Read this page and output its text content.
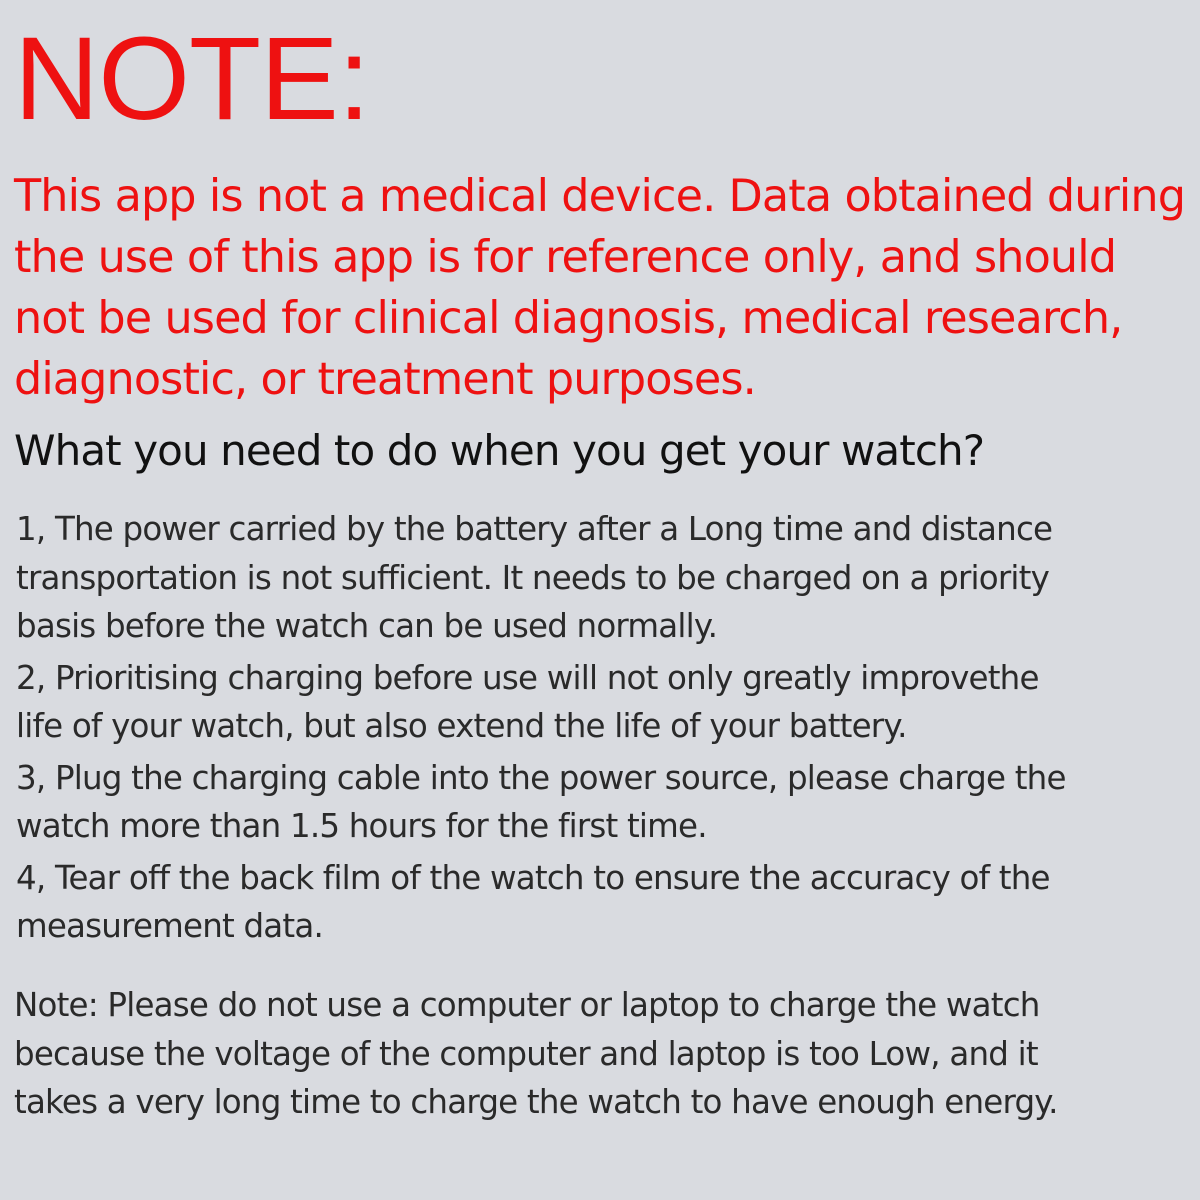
NOTE:

This app is not a medical device. Data obtained during
the use of this app is for reference only, and should
not be used for clinical diagnosis, medical research,
diagnostic, or treatment purposes.

What you need to do when you get your watch?
1, The power carried by the battery after a Long time and distance
transportation is not sufficient. It needs to be charged on a priority
basis before the watch can be used normally.
2, Prioritising charging before use will not only greatly improvethe
life of your watch, but also extend the life of your battery.
3, Plug the charging cable into the power source, please charge the
watch more than 1.5 hours for the first time.
4, Tear off the back film of the watch to ensure the accuracy of the
measurement data.

Note: Please do not use a computer or laptop to charge the watch
because the voltage of the computer and laptop is too Low, and it
takes a very long time to charge the watch to have enough energy.
